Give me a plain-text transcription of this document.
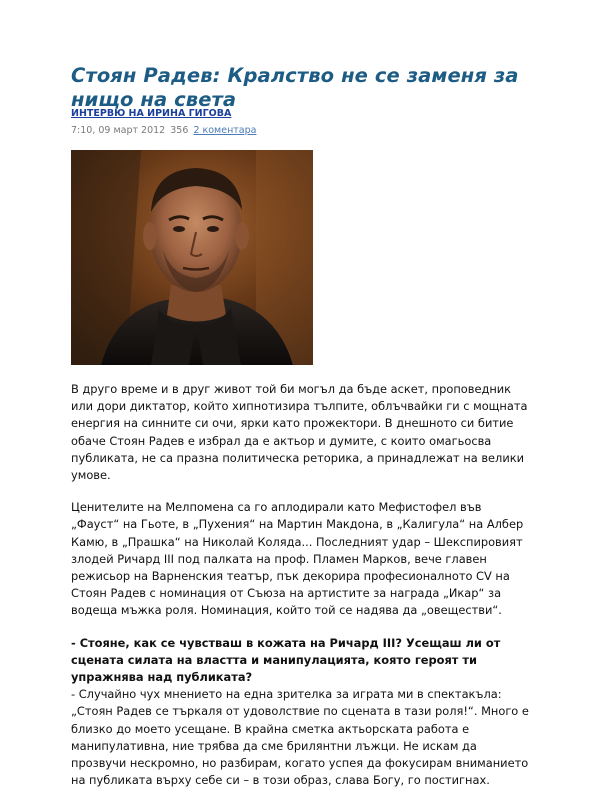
Стоян Радев: Кралство не се заменя за нищо на света
ИНТЕРВЮ НА ИРИНА ГИГОВА
7:10, 09 март 2012 356 2 коментара

В друго време и в друг живот той би могъл да бъде аскет, проповедник или дори диктатор, който хипнотизира тълпите, облъчвайки ги с мощната енергия на синните си очи, ярки като прожектори. В днешното си битие обаче Стоян Радев е избрал да е актьор и думите, с които омагьосва публиката, не са празна политическа реторика, а принадлежат на велики умове.

Ценителите на Мелпомена са го аплодирали като Мефистофел във „Фауст“ на Гьоте, в „Пухения“ на Мартин Макдона, в „Калигула“ на Албер Камю, в „Прашка“ на Николай Коляда... Последният удар – Шекспировият злодей Ричард III под палката на проф. Пламен Марков, вече главен режисьор на Варненския театър, пък декорира професионалното CV на Стоян Радев с номинация от Съюза на артистите за награда „Икар“ за водеща мъжка роля. Номинация, който той се надява да „овеществи“.

- Стояне, как се чувстваш в кожата на Ричард III? Усещаш ли от сцената силата на властта и манипулацията, която героят ти упражнява над публиката?

- Случайно чух мнението на една зрителка за играта ми в спектакъла: „Стоян Радев се търкаля от удоволствие по сцената в тази роля!“. Много е близко до моето усещане. В крайна сметка актьорската работа е манипулативна, ние трябва да сме брилянтни лъжци. Не искам да прозвучи нескромно, но разбирам, когато успея да фокусирам вниманието на публиката върху себе си – в този образ, слава Богу, го постигнах.
